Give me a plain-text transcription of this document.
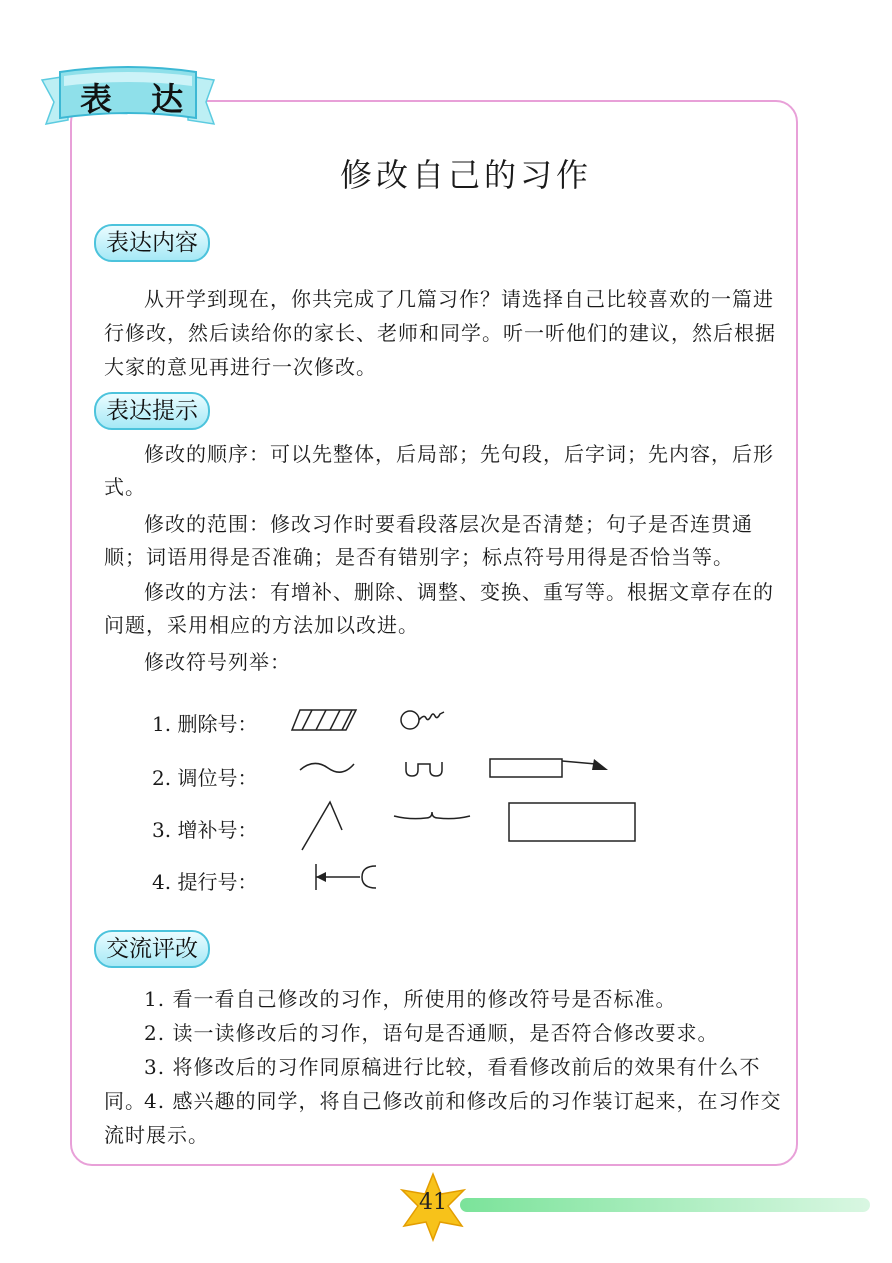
表 达
修改自己的习作
表达内容

从开学到现在，你共完成了几篇习作？请选择自己比较喜欢的一篇进行修改，然后读给你的家长、老师和同学。听一听他们的建议，然后根据大家的意见再进行一次修改。

表达提示

修改的顺序：可以先整体，后局部；先句段，后字词；先内容，后形式。

修改的范围：修改习作时要看段落层次是否清楚；句子是否连贯通顺；词语用得是否准确；是否有错别字；标点符号用得是否恰当等。

修改的方法：有增补、删除、调整、变换、重写等。根据文章存在的问题，采用相应的方法加以改进。

修改符号列举：

1. 删除号：
2. 调位号：
3. 增补号：
4. 提行号：
交流评改

1. 看一看自己修改的习作，所使用的修改符号是否标准。

2. 读一读修改后的习作，语句是否通顺，是否符合修改要求。

3. 将修改后的习作同原稿进行比较，看看修改前后的效果有什么不同。

4. 感兴趣的同学，将自己修改前和修改后的习作装订起来，在习作交流时展示。

41
